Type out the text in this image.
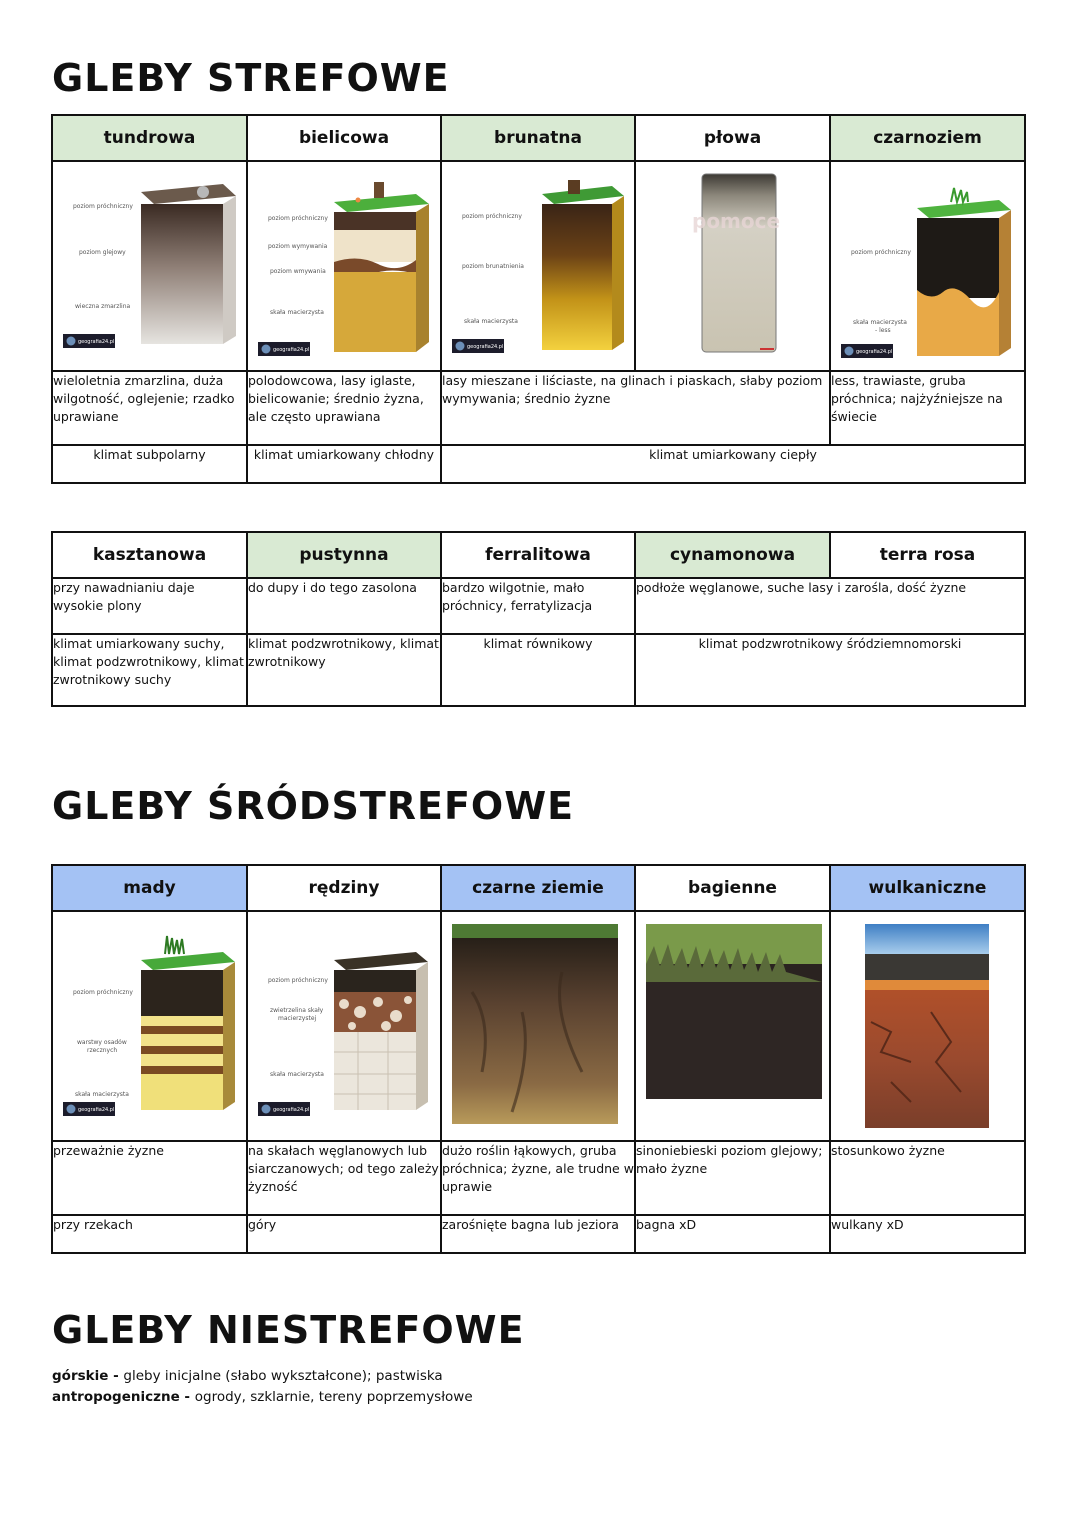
GLEBY STREFOWE
tundrowa	bielicowa	brunatna	płowa	czarnoziem

poziom próchniczny
poziom glejowy
wieczna zmarzlina
geografia24.pl	poziom próchniczny
poziom wymywania
poziom wmywania
skała macierzysta
geografia24.pl	poziom próchniczny
poziom brunatnienia
skała macierzysta
geografia24.pl	pomoce	poziom próchniczny
skała macierzysta
- less
geografia24.pl

wieloletnia zmarzlina, duża wilgotność, oglejenie; rzadko uprawiane	polodowcowa, lasy iglaste, bielicowanie; średnio żyzna, ale często uprawiana	lasy mieszane i liściaste, na glinach i piaskach, słaby poziom wymywania; średnio żyzne		less, trawiaste, gruba próchnica; najżyźniejsze na świecie
klimat subpolarny	klimat umiarkowany chłodny	klimat umiarkowany ciepły		
kasztanowa	pustynna	ferralitowa	cynamonowa	terra rosa
przy nawadnianiu daje wysokie plony	do dupy i do tego zasolona	bardzo wilgotnie, mało próchnicy, ferratylizacja	podłoże węglanowe, suche lasy i zarośla, dość żyzne	
klimat umiarkowany suchy, klimat podzwrotnikowy, klimat zwrotnikowy suchy	klimat podzwrotnikowy, klimat zwrotnikowy	klimat równikowy	klimat podzwrotnikowy śródziemnomorski	
GLEBY ŚRÓDSTREFOWE
mady	rędziny	czarne ziemie	bagienne	wulkaniczne

poziom próchniczny
warstwy osadów
rzecznych
skała macierzysta
geografia24.pl	poziom próchniczny
zwietrzelina skały
macierzystej
skała macierzysta
geografia24.pl

przeważnie żyzne	na skałach węglanowych lub siarczanowych; od tego zależy żyzność	dużo roślin łąkowych, gruba próchnica; żyzne, ale trudne w uprawie	sinoniebieski poziom glejowy; mało żyzne	stosunkowo żyzne
przy rzekach	góry	zarośnięte bagna lub jeziora	bagna xD	wulkany xD
GLEBY NIESTREFOWE
górskie - gleby inicjalne (słabo wykształcone); pastwiska
antropogeniczne - ogrody, szklarnie, tereny poprzemysłowe
